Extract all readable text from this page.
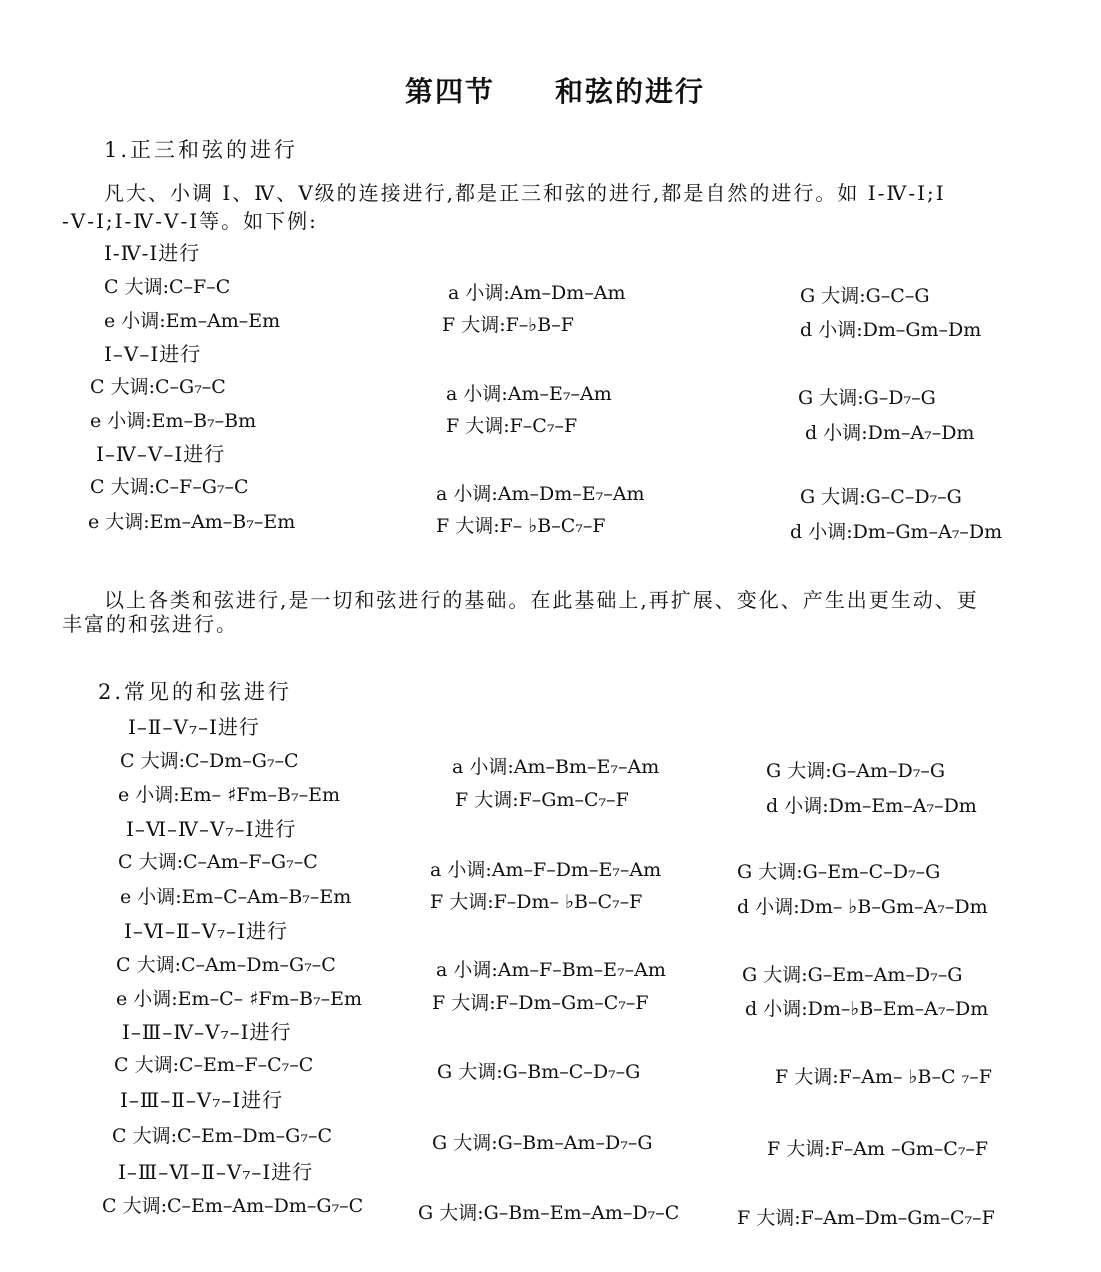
第四节　　和弦的进行
1.正三和弦的进行
凡大、小调 Ⅰ、Ⅳ、Ⅴ级的连接进行,都是正三和弦的进行,都是自然的进行。如 Ⅰ-Ⅳ-Ⅰ;Ⅰ
-Ⅴ-Ⅰ;Ⅰ-Ⅳ-Ⅴ-Ⅰ等。如下例:
Ⅰ-Ⅳ-Ⅰ进行
C 大调:C–F–C	a 小调:Am–Dm–Am	G 大调:G–C–G
e 小调:Em–Am–Em	F 大调:F–♭B–F	d 小调:Dm–Gm–Dm
Ⅰ–Ⅴ–Ⅰ进行
C 大调:C–G₇–C	a 小调:Am–E₇–Am	G 大调:G–D₇–G
e 小调:Em–B₇–Bm	F 大调:F–C₇–F	d 小调:Dm–A₇–Dm
Ⅰ–Ⅳ–Ⅴ–Ⅰ进行
C 大调:C–F–G₇–C	a 小调:Am–Dm–E₇–Am	G 大调:G–C–D₇–G
e 大调:Em–Am–B₇–Em	F 大调:F– ♭B–C₇–F	d 小调:Dm–Gm–A₇–Dm
以上各类和弦进行,是一切和弦进行的基础。在此基础上,再扩展、变化、产生出更生动、更
丰富的和弦进行。
2.常见的和弦进行
Ⅰ–Ⅱ–Ⅴ₇–Ⅰ进行
C 大调:C–Dm–G₇–C	a 小调:Am–Bm–E₇–Am	G 大调:G–Am–D₇–G
e 小调:Em– ♯Fm–B₇–Em	F 大调:F–Gm–C₇–F	d 小调:Dm–Em–A₇–Dm
Ⅰ–Ⅵ–Ⅳ–Ⅴ₇–Ⅰ进行
C 大调:C–Am–F–G₇–C	a 小调:Am–F–Dm–E₇–Am	G 大调:G–Em–C–D₇–G
e 小调:Em–C–Am–B₇–Em	F 大调:F–Dm– ♭B–C₇–F	d 小调:Dm– ♭B–Gm–A₇–Dm
Ⅰ–Ⅵ–Ⅱ–Ⅴ₇–Ⅰ进行
C 大调:C–Am–Dm–G₇–C	a 小调:Am–F–Bm–E₇–Am	G 大调:G–Em–Am–D₇–G
e 小调:Em–C– ♯Fm–B₇–Em	F 大调:F–Dm–Gm–C₇–F	d 小调:Dm–♭B–Em–A₇–Dm
Ⅰ–Ⅲ–Ⅳ–Ⅴ₇–Ⅰ进行
C 大调:C–Em–F–C₇–C	G 大调:G–Bm–C–D₇–G	F 大调:F–Am– ♭B–C ₇–F
Ⅰ–Ⅲ–Ⅱ–Ⅴ₇–Ⅰ进行
C 大调:C–Em–Dm–G₇–C	G 大调:G–Bm–Am–D₇–G	F 大调:F–Am –Gm–C₇–F
Ⅰ–Ⅲ–Ⅵ–Ⅱ–Ⅴ₇–Ⅰ进行
C 大调:C–Em–Am–Dm–G₇–C	G 大调:G–Bm–Em–Am–D₇–C	F 大调:F–Am–Dm–Gm–C₇–F
